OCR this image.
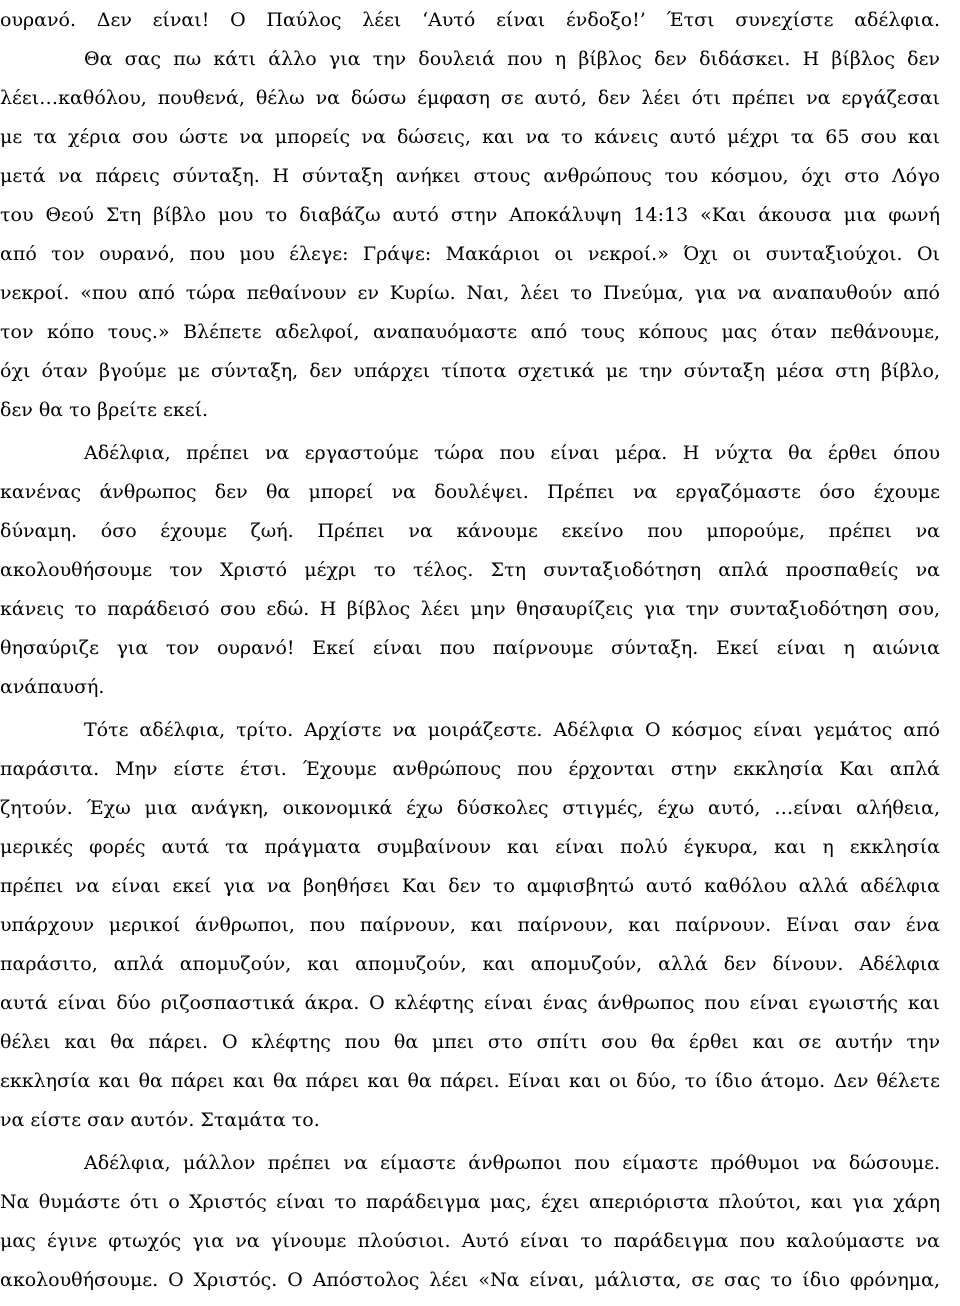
ουρανό. Δεν είναι! Ο Παύλος λέει ‘Αυτό είναι ένδοξο!’ Έτσι συνεχίστε αδέλφια.
Θα σας πω κάτι άλλο για την δουλειά που η βίβλος δεν διδάσκει. Η βίβλος δεν
λέει…καθόλου, πουθενά, θέλω να δώσω έμφαση σε αυτό, δεν λέει ότι πρέπει να εργάζεσαι
με τα χέρια σου ώστε να μπορείς να δώσεις, και να το κάνεις αυτό μέχρι τα 65 σου και
μετά να πάρεις σύνταξη. Η σύνταξη ανήκει στους ανθρώπους του κόσμου, όχι στο Λόγο
του Θεού Στη βίβλο μου το διαβάζω αυτό στην Αποκάλυψη 14:13 «Και άκουσα μια φωνή
από τον ουρανό, που μου έλεγε: Γράψε: Μακάριοι οι νεκροί.» Όχι οι συνταξιούχοι. Οι
νεκροί. «που από τώρα πεθαίνουν εν Κυρίω. Ναι, λέει το Πνεύμα, για να αναπαυθούν από
τον κόπο τους.» Βλέπετε αδελφοί, αναπαυόμαστε από τους κόπους μας όταν πεθάνουμε,
όχι όταν βγούμε με σύνταξη, δεν υπάρχει τίποτα σχετικά με την σύνταξη μέσα στη βίβλο,
δεν θα το βρείτε εκεί.
Αδέλφια, πρέπει να εργαστούμε τώρα που είναι μέρα. Η νύχτα θα έρθει όπου
κανένας άνθρωπος δεν θα μπορεί να δουλέψει. Πρέπει να εργαζόμαστε όσο έχουμε
δύναμη. όσο έχουμε ζωή. Πρέπει να κάνουμε εκείνο που μπορούμε, πρέπει να
ακολουθήσουμε τον Χριστό μέχρι το τέλος. Στη συνταξιοδότηση απλά προσπαθείς να
κάνεις το παράδεισό σου εδώ. Η βίβλος λέει μην θησαυρίζεις για την συνταξιοδότηση σου,
θησαύριζε για τον ουρανό! Εκεί είναι που παίρνουμε σύνταξη. Εκεί είναι η αιώνια
ανάπαυσή.
Τότε αδέλφια, τρίτο. Αρχίστε να μοιράζεστε. Αδέλφια Ο κόσμος είναι γεμάτος από
παράσιτα. Μην είστε έτσι. Έχουμε ανθρώπους που έρχονται στην εκκλησία Και απλά
ζητούν. Έχω μια ανάγκη, οικονομικά έχω δύσκολες στιγμές, έχω αυτό, …είναι αλήθεια,
μερικές φορές αυτά τα πράγματα συμβαίνουν και είναι πολύ έγκυρα, και η εκκλησία
πρέπει να είναι εκεί για να βοηθήσει Και δεν το αμφισβητώ αυτό καθόλου αλλά αδέλφια
υπάρχουν μερικοί άνθρωποι, που παίρνουν, και παίρνουν, και παίρνουν. Είναι σαν ένα
παράσιτο, απλά απομυζούν, και απομυζούν, και απομυζούν, αλλά δεν δίνουν. Αδέλφια
αυτά είναι δύο ριζοσπαστικά άκρα. Ο κλέφτης είναι ένας άνθρωπος που είναι εγωιστής και
θέλει και θα πάρει. Ο κλέφτης που θα μπει στο σπίτι σου θα έρθει και σε αυτήν την
εκκλησία και θα πάρει και θα πάρει και θα πάρει. Είναι και οι δύο, το ίδιο άτομο. Δεν θέλετε
να είστε σαν αυτόν. Σταμάτα το.
Αδέλφια, μάλλον πρέπει να είμαστε άνθρωποι που είμαστε πρόθυμοι να δώσουμε.
Να θυμάστε ότι ο Χριστός είναι το παράδειγμα μας, έχει απεριόριστα πλούτοι, και για χάρη
μας έγινε φτωχός για να γίνουμε πλούσιοι. Αυτό είναι το παράδειγμα που καλούμαστε να
ακολουθήσουμε. Ο Χριστός. Ο Απόστολος λέει «Να είναι, μάλιστα, σε σας το ίδιο φρόνημα,
